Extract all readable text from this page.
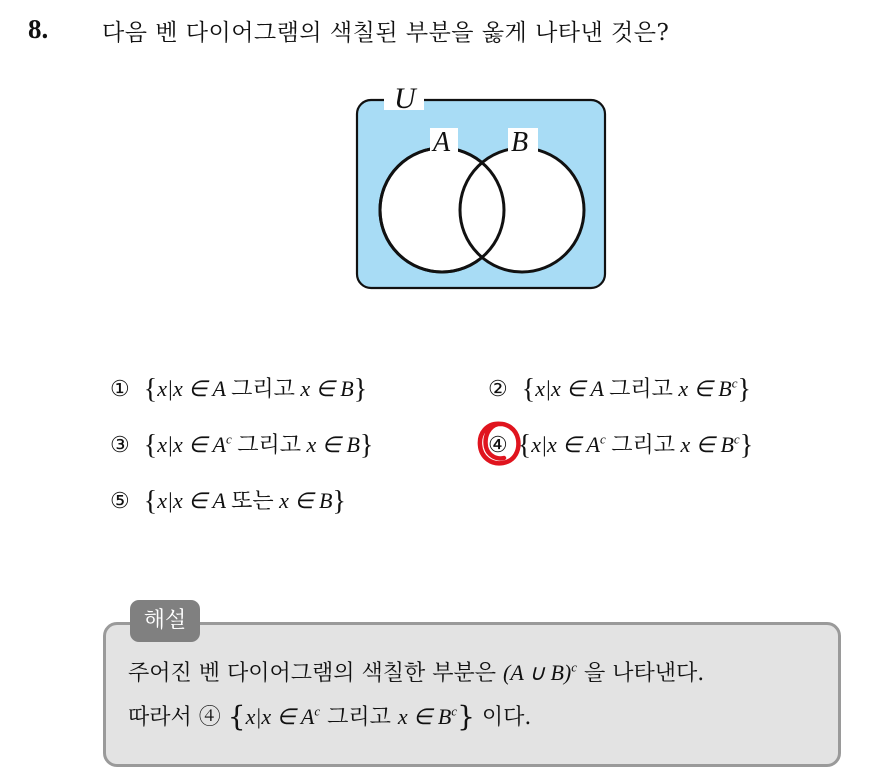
8. 다음 벤 다이어그램의 색칠된 부분을 옳게 나타낸 것은?
U
A B
① {x|x ∈ A 그리고 x ∈ B}	② {x|x ∈ A 그리고 x ∈ $B^c$}
③ {x|x ∈ $A^c$ 그리고 x ∈ B}	④ {x|x ∈ $A^c$ 그리고 x ∈ $B^c$}
⑤ {x|x ∈ A 또는 x ∈ B}
해설
주어진 벤 다이어그램의 색칠한 부분은 (A ∪ B)$^c$ 을 나타낸다.
따라서 ④ {x|x ∈ $A^c$ 그리고 x ∈ $B^c$} 이다.
